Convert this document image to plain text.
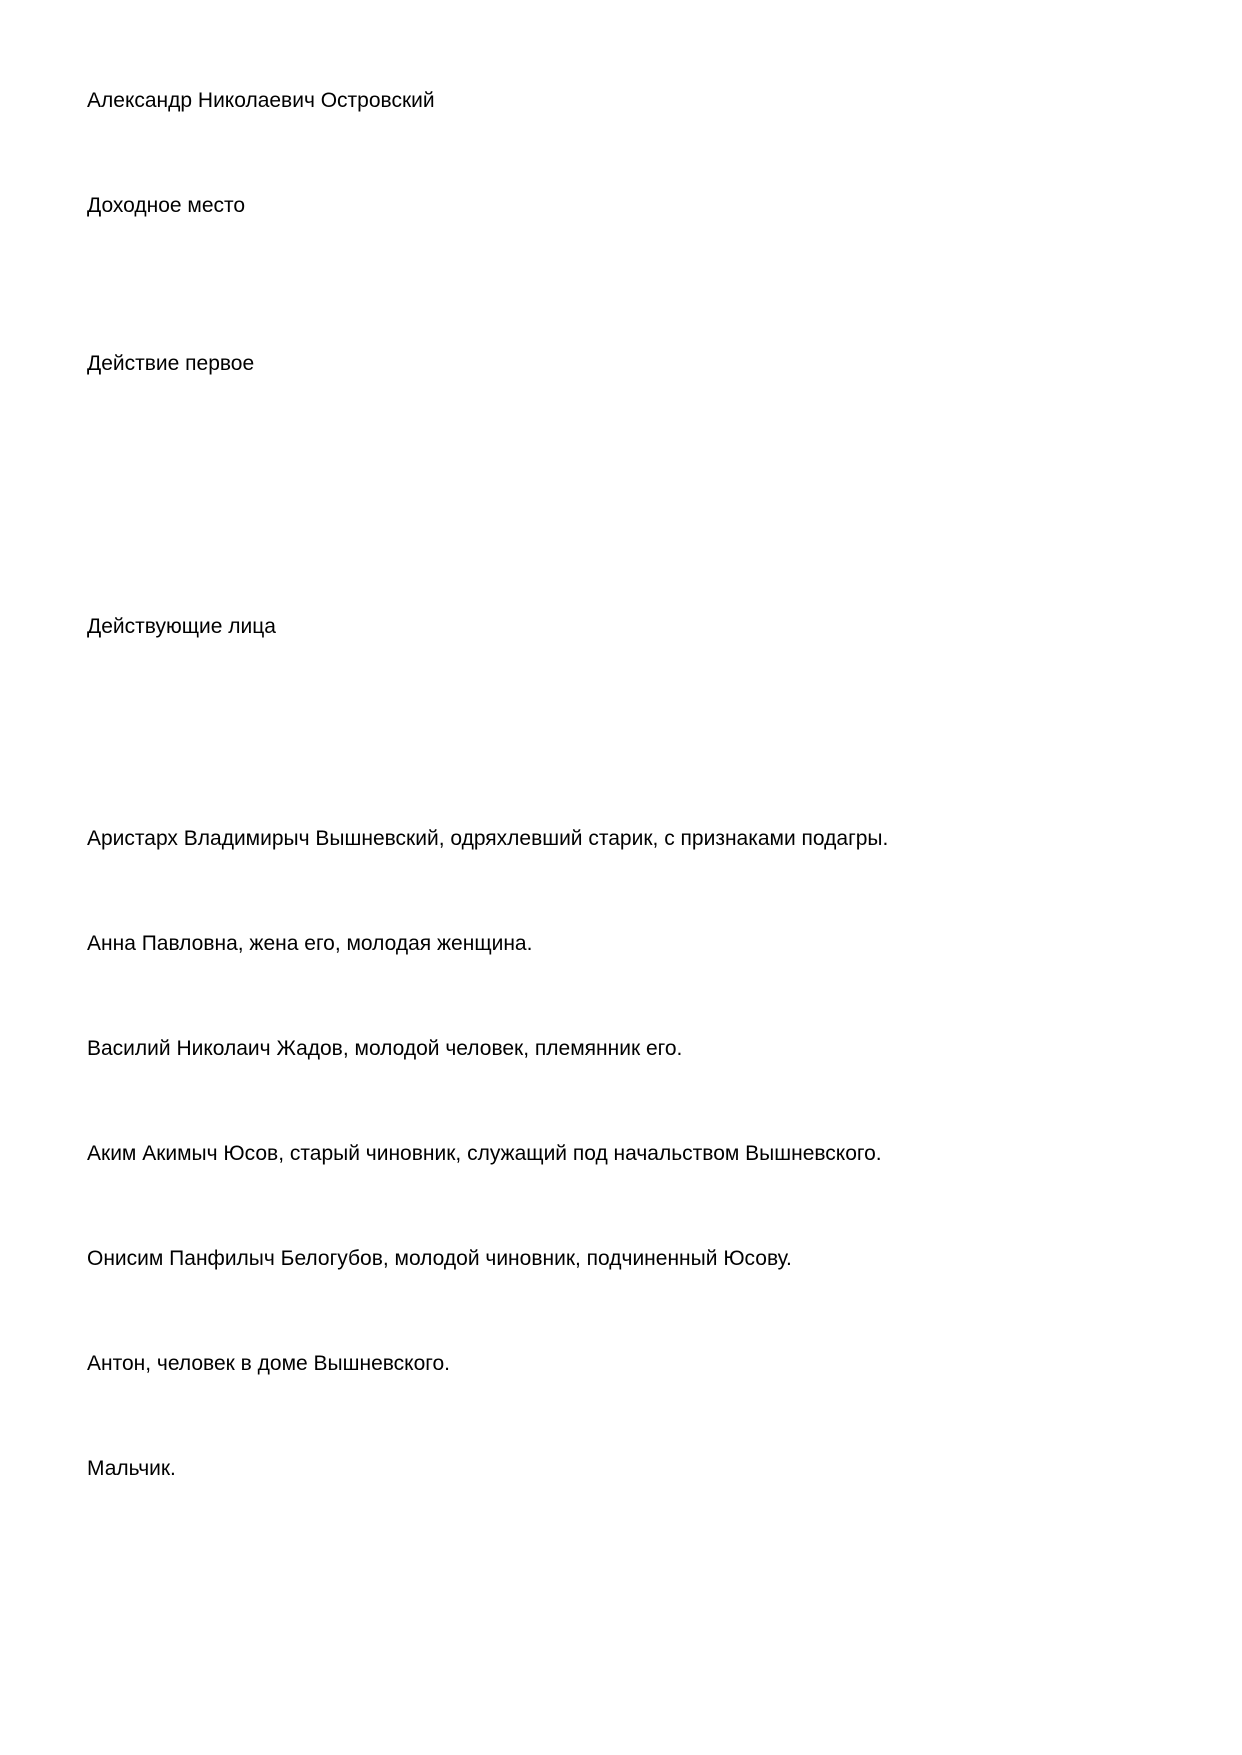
Александр Николаевич Островский
Доходное место
Действие первое
Действующие лица
Аристарх Владимирыч Вышневский, одряхлевший старик, с признаками подагры.
Анна Павловна, жена его, молодая женщина.
Василий Николаич Жадов, молодой человек, племянник его.
Аким Акимыч Юсов, старый чиновник, служащий под начальством Вышневского.
Онисим Панфилыч Белогубов, молодой чиновник, подчиненный Юсову.
Антон, человек в доме Вышневского.
Мальчик.
